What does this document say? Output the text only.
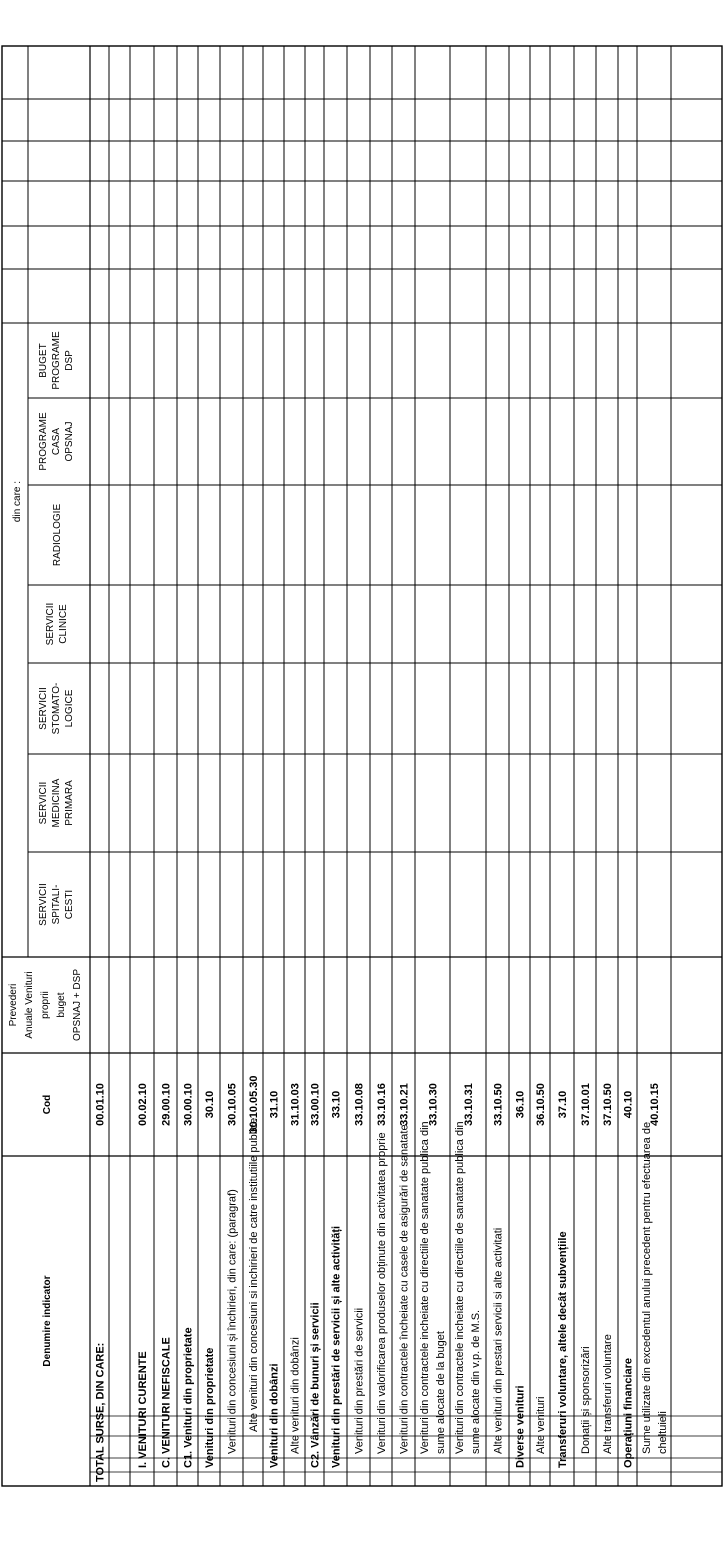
Denumire indicator
Cod
din care :
Prevederi Anuale Venituri proprii buget OPSNAJ + DSP
SERVICII SPITALI- CESTI
SERVICII MEDICINA PRIMARA
SERVICII STOMATO- LOGICE
SERVICII CLINICE
RADIOLOGIE
PROGRAME CASA OPSNAJ
BUGET PROGRAME DSP
TOTAL SURSE, DIN CARE:
00.01.10
I. VENITURI CURENTE
00.02.10
C. VENITURI NEFISCALE
29.00.10
C1. Venituri din proprietate
30.00.10
Venituri din proprietate
30.10
Venituri din concesiuni și închirieri, din care: (paragraf)
30.10.05
Alte venituri din concesiuni si inchirieri de catre institutiile publice
30.10.05.30
Venituri din dobânzi
31.10
Alte venituri din dobânzi
31.10.03
C2. Vânzări de bunuri și servicii
33.00.10
Venituri din prestări de servicii și alte activități
33.10
Venituri din prestări de servicii
33.10.08
Venituri din valorificarea produselor obținute din activitatea proprie
33.10.16
Venituri din contractele încheiate cu casele de asigurări de sanatate
33.10.21
Venituri din contractele incheiate cu directiile de sanatate publica din sume alocate de la buget
33.10.30
Venituri din contractele incheiate cu directiile de sanatate publica din sume alocate din v.p. de M.S.
33.10.31
Alte venituri din prestari servicii si alte activitati
33.10.50
Diverse venituri
36.10
Alte venituri
36.10.50
Transferuri voluntare, altele decât subvențiile
37.10
Donații și sponsorizări
37.10.01
Alte transferuri voluntare
37.10.50
Operațiuni financiare
40.10
Sume utilizate din excedentul anului precedent pentru efectuarea de cheltuieli
40.10.15
